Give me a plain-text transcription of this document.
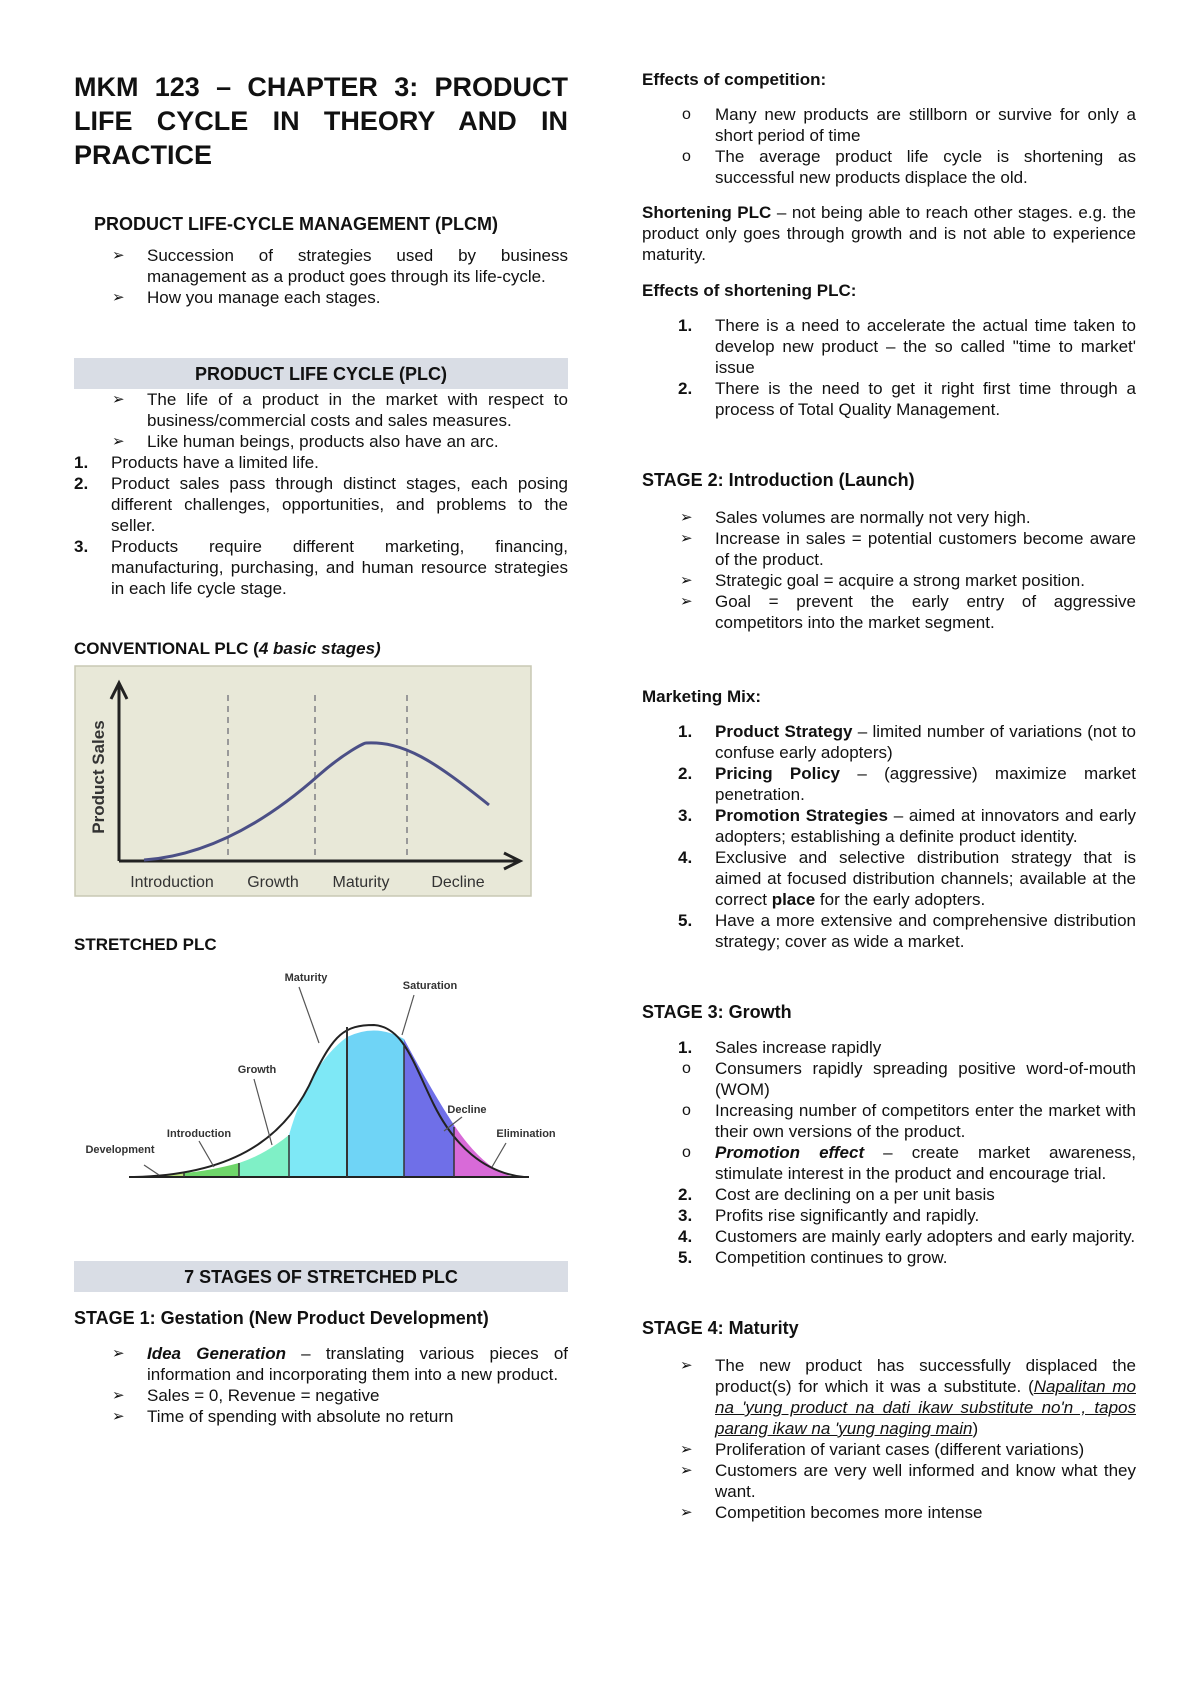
MKM 123 – CHAPTER 3: PRODUCT LIFE CYCLE IN THEORY AND IN PRACTICE
PRODUCT LIFE-CYCLE MANAGEMENT (PLCM)
➢ Succession of strategies used by business management as a product goes through its life-cycle.
➢ How you manage each stages.
PRODUCT LIFE CYCLE (PLC)
➢ The life of a product in the market with respect to business/commercial costs and sales measures.
➢ Like human beings, products also have an arc.
1. Products have a limited life.
2. Product sales pass through distinct stages, each posing different challenges, opportunities, and problems to the seller.
3. Products require different marketing, financing, manufacturing, purchasing, and human resource strategies in each life cycle stage.
CONVENTIONAL PLC (4 basic stages)
Product Sales
Introduction Growth Maturity	Decline
STRETCHED PLC
Development
Introduction
Growth
Maturity
Saturation
Decline
Elimination
7 STAGES OF STRETCHED PLC
STAGE 1: Gestation (New Product Development)
➢ Idea Generation – translating various pieces of information and incorporating them into a new product.
➢ Sales = 0, Revenue = negative
➢ Time of spending with absolute no return
Effects of competition:
o Many new products are stillborn or survive for only a short period of time
o The average product life cycle is shortening as successful new products displace the old.

Shortening PLC – not being able to reach other stages. e.g. the product only goes through growth and is not able to experience maturity.

Effects of shortening PLC:
1. There is a need to accelerate the actual time taken to develop new product – the so called "time to market' issue
2. There is the need to get it right first time through a process of Total Quality Management.
STAGE 2: Introduction (Launch)
➢ Sales volumes are normally not very high.
➢ Increase in sales = potential customers become aware of the product.
➢ Strategic goal = acquire a strong market position.
➢ Goal = prevent the early entry of aggressive competitors into the market segment.
Marketing Mix:
1. Product Strategy – limited number of variations (not to confuse early adopters)
2. Pricing Policy – (aggressive) maximize market penetration.
3. Promotion Strategies – aimed at innovators and early adopters; establishing a definite product identity.
4. Exclusive and selective distribution strategy that is aimed at focused distribution channels; available at the correct place for the early adopters.
5. Have a more extensive and comprehensive distribution strategy; cover as wide a market.
STAGE 3: Growth
1. Sales increase rapidly
o Consumers rapidly spreading positive word-of-mouth (WOM)
o Increasing number of competitors enter the market with their own versions of the product.
o Promotion effect – create market awareness, stimulate interest in the product and encourage trial.
2. Cost are declining on a per unit basis
3. Profits rise significantly and rapidly.
4. Customers are mainly early adopters and early majority.
5. Competition continues to grow.
STAGE 4: Maturity
➢ The new product has successfully displaced the product(s) for which it was a substitute. (Napalitan mo na 'yung product na dati ikaw substitute no'n , tapos parang ikaw na 'yung naging main)
➢ Proliferation of variant cases (different variations)
➢ Customers are very well informed and know what they want.
➢ Competition becomes more intense
